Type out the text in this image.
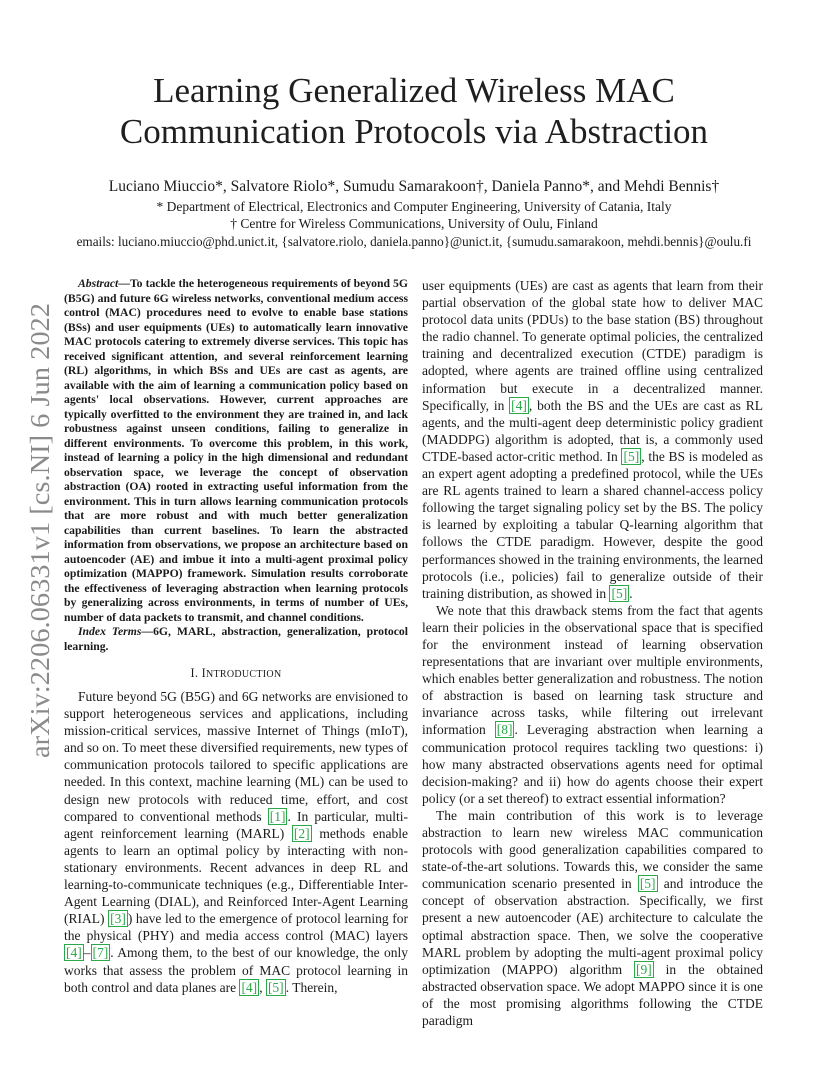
arXiv:2206.06331v1 [cs.NI] 6 Jun 2022
Learning Generalized Wireless MAC
Communication Protocols via Abstraction
Luciano Miuccio*, Salvatore Riolo*, Sumudu Samarakoon†, Daniela Panno*, and Mehdi Bennis†
* Department of Electrical, Electronics and Computer Engineering, University of Catania, Italy
† Centre for Wireless Communications, University of Oulu, Finland
emails: luciano.miuccio@phd.unict.it, {salvatore.riolo, daniela.panno}@unict.it, {sumudu.samarakoon, mehdi.bennis}@oulu.fi

Abstract—To tackle the heterogeneous requirements of beyond 5G (B5G) and future 6G wireless networks, conventional medium access control (MAC) procedures need to evolve to enable base stations (BSs) and user equipments (UEs) to automatically learn innovative MAC protocols catering to extremely diverse services. This topic has received significant attention, and several reinforcement learning (RL) algorithms, in which BSs and UEs are cast as agents, are available with the aim of learning a communication policy based on agents' local observations. However, current approaches are typically overfitted to the environment they are trained in, and lack robustness against unseen conditions, failing to generalize in different environments. To overcome this problem, in this work, instead of learning a policy in the high dimensional and redundant observation space, we leverage the concept of observation abstraction (OA) rooted in extracting useful information from the environment. This in turn allows learning communication protocols that are more robust and with much better generalization capabilities than current baselines. To learn the abstracted information from observations, we propose an architecture based on autoencoder (AE) and imbue it into a multi-agent proximal policy optimization (MAPPO) framework. Simulation results corroborate the effectiveness of leveraging abstraction when learning protocols by generalizing across environments, in terms of number of UEs, number of data packets to transmit, and channel conditions.

Index Terms—6G, MARL, abstraction, generalization, protocol learning.

I. INTRODUCTION

Future beyond 5G (B5G) and 6G networks are envisioned to support heterogeneous services and applications, including mission-critical services, massive Internet of Things (mIoT), and so on. To meet these diversified requirements, new types of communication protocols tailored to specific applications are needed. In this context, machine learning (ML) can be used to design new protocols with reduced time, effort, and cost compared to conventional methods [1] . In particular, multi-agent reinforcement learning (MARL) [2] methods enable agents to learn an optimal policy by interacting with non-stationary environments. Recent advances in deep RL and learning-to-communicate techniques (e.g., Differentiable Inter-Agent Learning (DIAL), and Reinforced Inter-Agent Learning (RIAL) [3] ) have led to the emergence of protocol learning for the physical (PHY) and media access control (MAC) layers [4] – [7] . Among them, to the best of our knowledge, the only works that assess the problem of MAC protocol learning in both control and data planes are [4] , [5] . Therein,

user equipments (UEs) are cast as agents that learn from their partial observation of the global state how to deliver MAC protocol data units (PDUs) to the base station (BS) throughout the radio channel. To generate optimal policies, the centralized training and decentralized execution (CTDE) paradigm is adopted, where agents are trained offline using centralized information but execute in a decentralized manner. Specifically, in [4] , both the BS and the UEs are cast as RL agents, and the multi-agent deep deterministic policy gradient (MADDPG) algorithm is adopted, that is, a commonly used CTDE-based actor-critic method. In [5] , the BS is modeled as an expert agent adopting a predefined protocol, while the UEs are RL agents trained to learn a shared channel-access policy following the target signaling policy set by the BS. The policy is learned by exploiting a tabular Q-learning algorithm that follows the CTDE paradigm. However, despite the good performances showed in the training environments, the learned protocols (i.e., policies) fail to generalize outside of their training distribution, as showed in [5] .

We note that this drawback stems from the fact that agents learn their policies in the observational space that is specified for the environment instead of learning observation representations that are invariant over multiple environments, which enables better generalization and robustness. The notion of abstraction is based on learning task structure and invariance across tasks, while filtering out irrelevant information [8] . Leveraging abstraction when learning a communication protocol requires tackling two questions: i) how many abstracted observations agents need for optimal decision-making? and ii) how do agents choose their expert policy (or a set thereof) to extract essential information?

The main contribution of this work is to leverage abstraction to learn new wireless MAC communication protocols with good generalization capabilities compared to state-of-the-art solutions. Towards this, we consider the same communication scenario presented in [5] and introduce the concept of observation abstraction. Specifically, we first present a new autoencoder (AE) architecture to calculate the optimal abstraction space. Then, we solve the cooperative MARL problem by adopting the multi-agent proximal policy optimization (MAPPO) algorithm [9] in the obtained abstracted observation space. We adopt MAPPO since it is one of the most promising algorithms following the CTDE paradigm
